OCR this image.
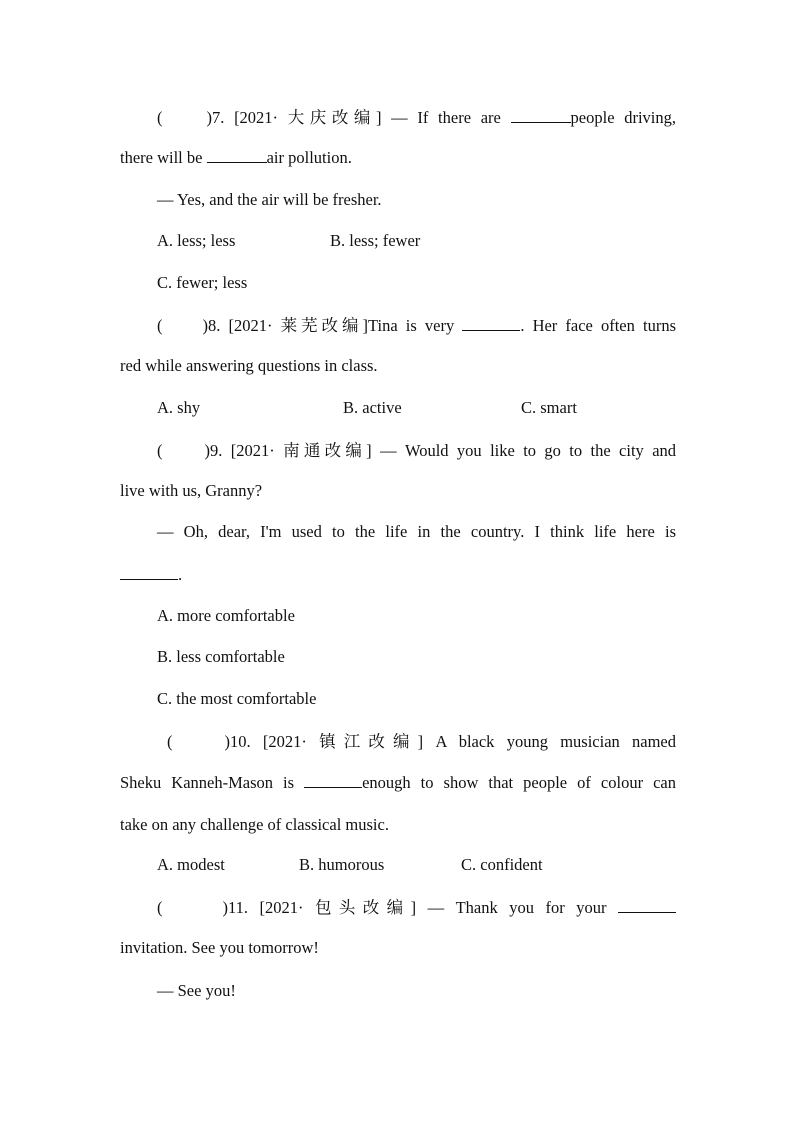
(	)7. [2021· 大庆改编] — If there are	people driving,
there will be	air pollution.
— Yes, and the air will be fresher.
A. less; less	B. less; fewer
C. fewer; less
( )8. [2021· 莱芜改编]Tina is very	. Her face often turns
red while answering questions in class.
A. shy	B. active	C. smart
(	)9. [2021· 南通改编] — Would you like to go to the city and
live with us, Granny?
— Oh, dear, I'm used to the life in the country. I think life here is
.
A. more comfortable
B. less comfortable
C. the most comfortable
(	)10. [2021· 镇江改编] A black young musician named
Sheku Kanneh-Mason is	enough to show that people of colour can
take on any challenge of classical music.
A. modest	B. humorous	C. confident
(	)11. [2021· 包头改编] — Thank you for your
invitation. See you tomorrow!
— See you!
